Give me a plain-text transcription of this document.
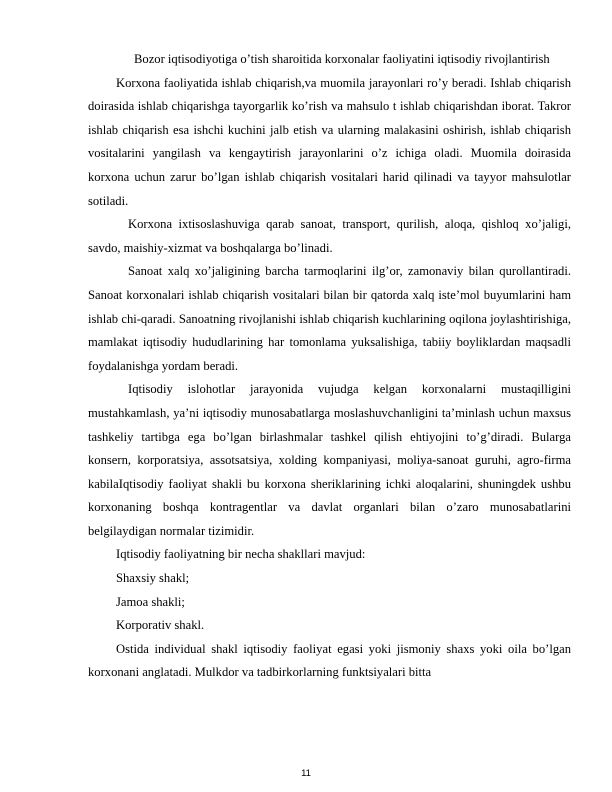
Bozor iqtisodiyotiga o’tish sharoitida korxonalar faoliyatini iqtisodiy rivojlantirish

Korxona faoliyatida ishlab chiqarish,va muomila jarayonlari ro’y beradi. Ishlab chiqarish doirasida ishlab chiqarishga tayorgarlik ko’rish va mahsulo t ishlab chiqarishdan iborat. Takror ishlab chiqarish esa ishchi kuchini jalb etish va ularning malakasini oshirish, ishlab chiqarish vositalarini yangilash va kengaytirish jarayonlarini o’z ichiga oladi. Muomila doirasida korxona uchun zarur bo’lgan ishlab chiqarish vositalari harid qilinadi va tayyor mahsulotlar sotiladi.

Korxona ixtisoslashuviga qarab sanoat, transport, qurilish, aloqa, qishloq xo’jaligi, savdo, maishiy-xizmat va boshqalarga bo’linadi.

Sanoat xalq xo’jaligining barcha tarmoqlarini ilg’or, zamonaviy bilan qurollantiradi. Sanoat korxonalari ishlab chiqarish vositalari bilan bir qatorda xalq iste’mol buyumlarini ham ishlab chi-qaradi. Sanoatning rivojlanishi ishlab chiqarish kuchlarining oqilona joylashtirishiga, mamlakat iqtisodiy hududlarining har tomonlama yuksalishiga, tabiiy boyliklardan maqsadli foydalanishga yordam beradi.

Iqtisodiy islohotlar jarayonida vujudga kelgan korxonalarni mustaqilligini mustahkamlash, ya’ni iqtisodiy munosabatlarga moslashuvchanligini ta’minlash uchun maxsus tashkeliy tartibga ega bo’lgan birlashmalar tashkel qilish ehtiyojini to’g’diradi. Bularga konsern, korporatsiya, assotsatsiya, xolding kompaniyasi, moliya-sanoat guruhi, agro-firma kabilaIqtisodiy faoliyat shakli bu korxona sheriklarining ichki aloqalarini, shuningdek ushbu korxonaning boshqa kontragentlar va davlat organlari bilan o’zaro munosabatlarini belgilaydigan normalar tizimidir.

Iqtisodiy faoliyatning bir necha shakllari mavjud:

Shaxsiy shakl;

Jamoa shakli;

Korporativ shakl.

Ostida individual shakl iqtisodiy faoliyat egasi yoki jismoniy shaxs yoki oila bo’lgan korxonani anglatadi. Mulkdor va tadbirkorlarning funktsiyalari bitta

11
